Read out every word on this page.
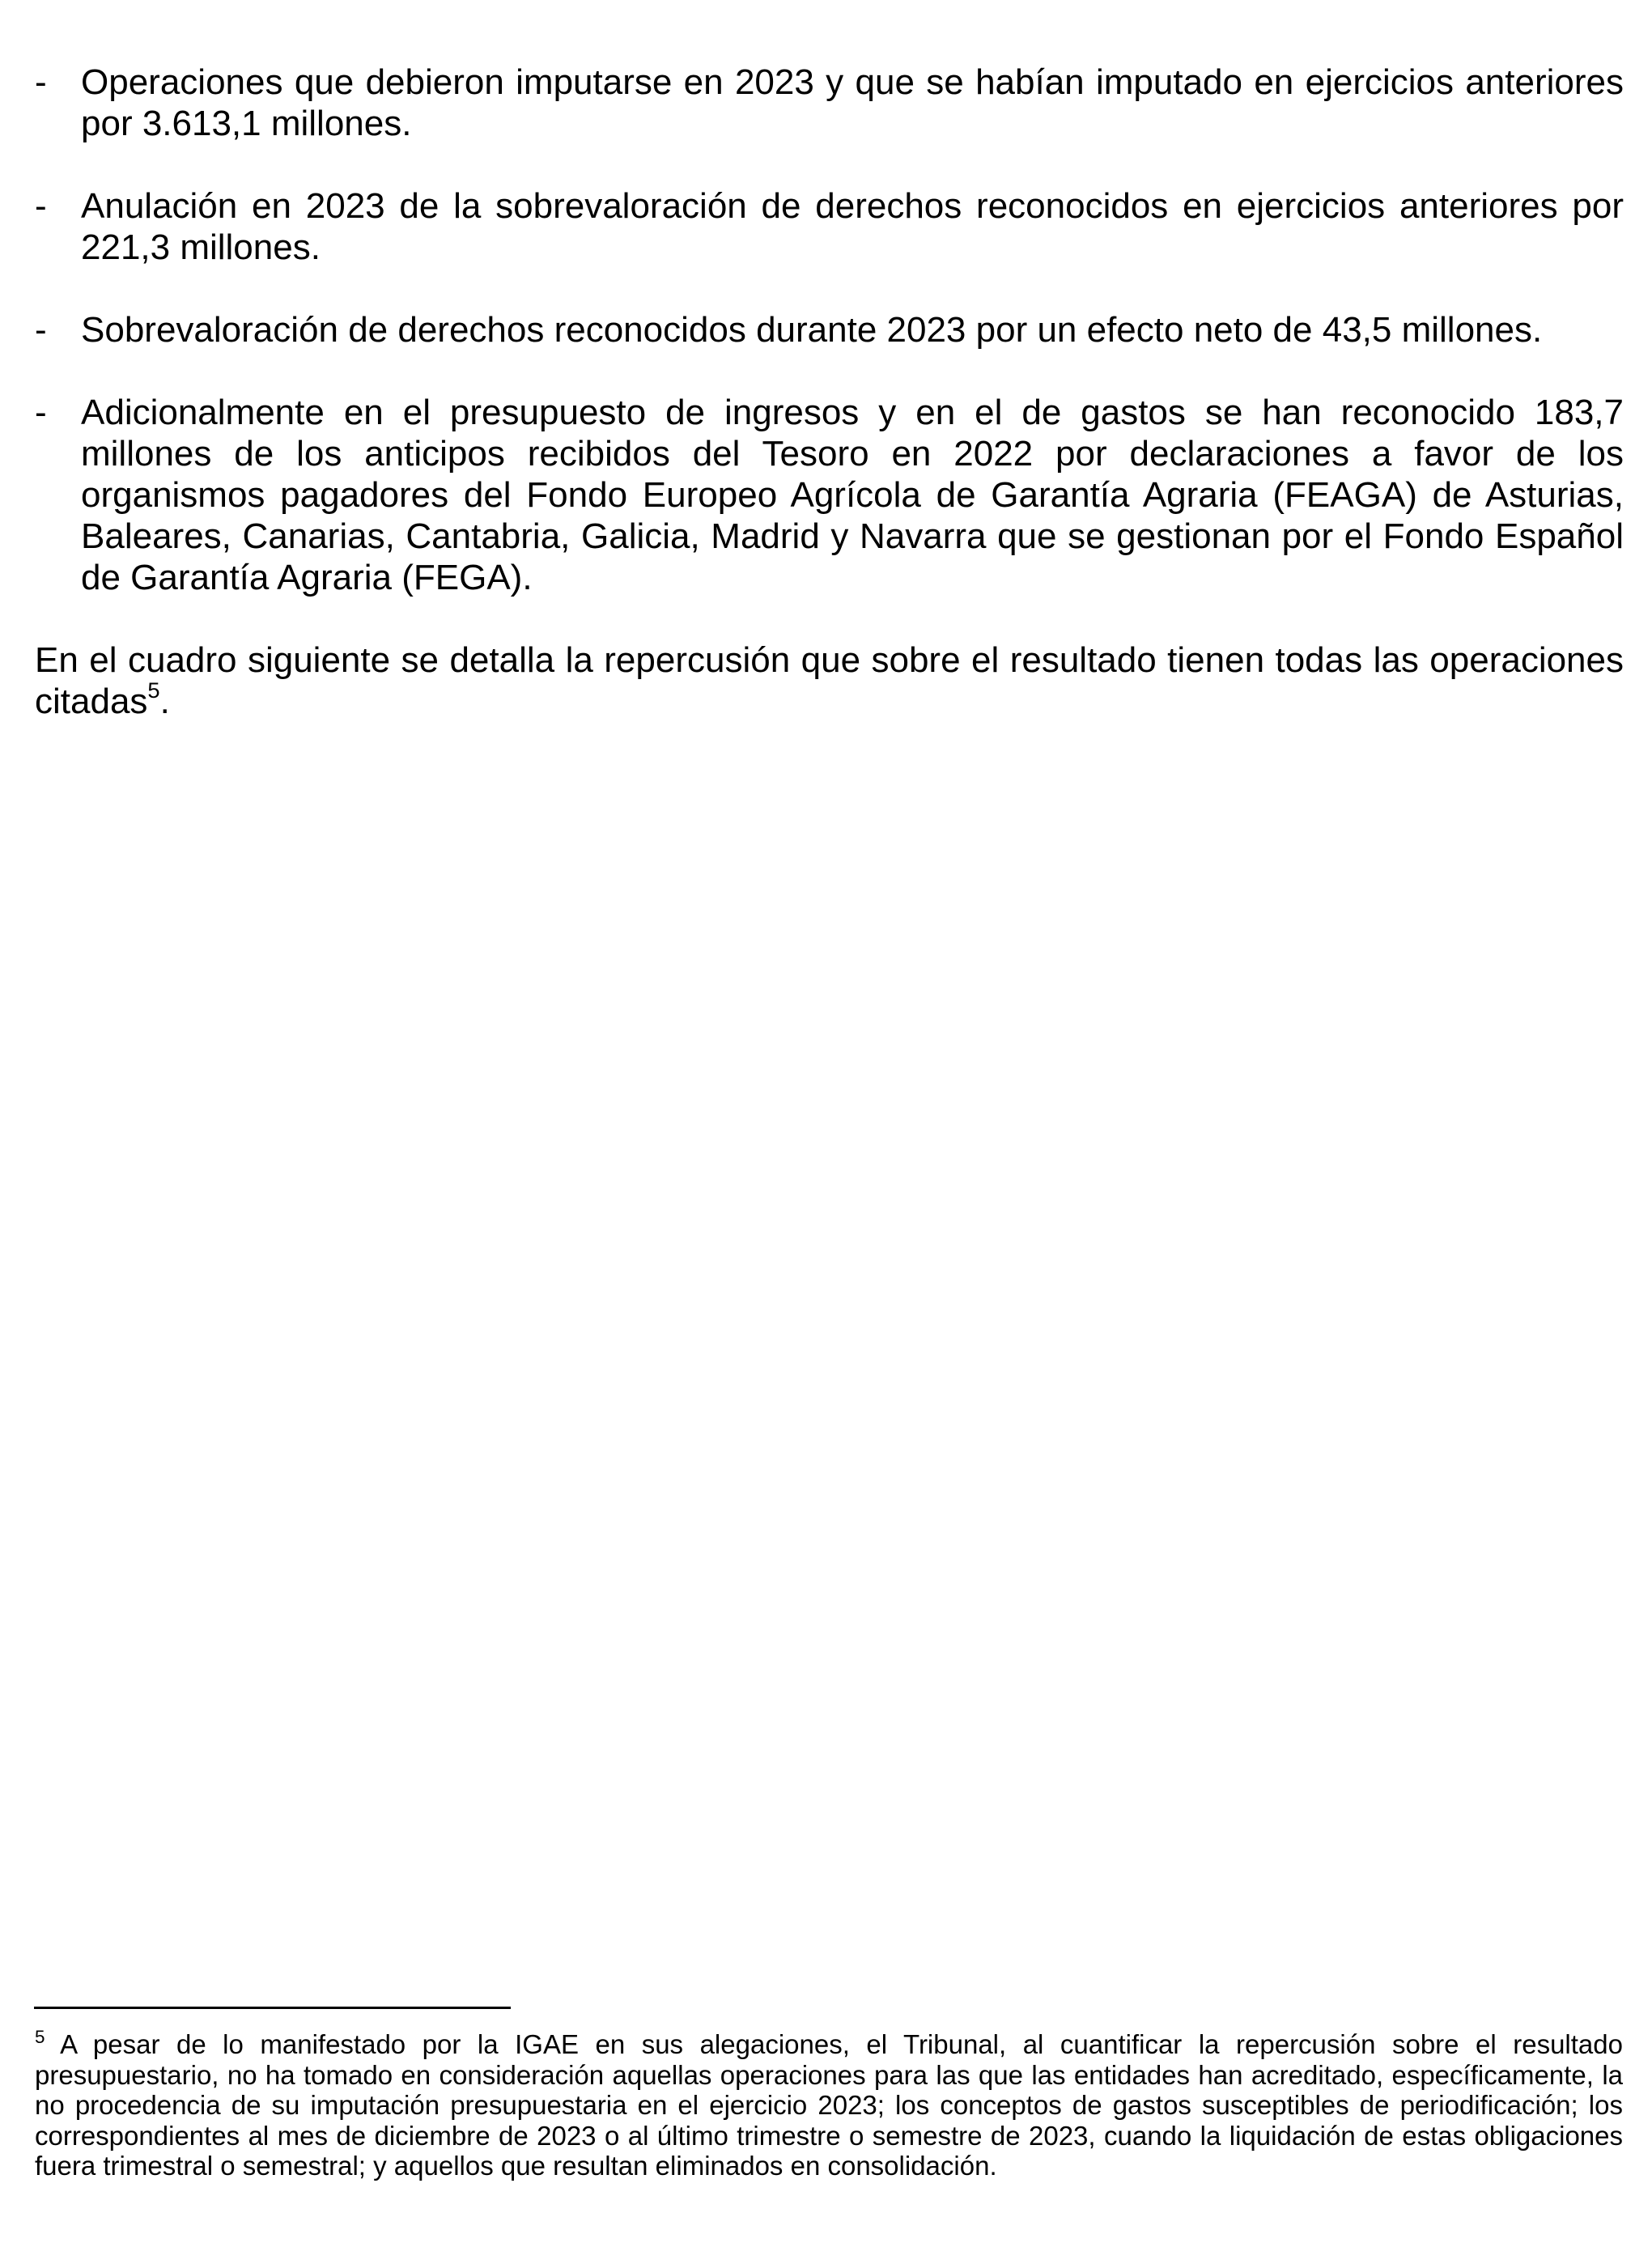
- Operaciones que debieron imputarse en 2023 y que se habían imputado en ejercicios anteriores por 3.613,1 millones.
- Anulación en 2023 de la sobrevaloración de derechos reconocidos en ejercicios anteriores por 221,3 millones.
- Sobrevaloración de derechos reconocidos durante 2023 por un efecto neto de 43,5 millones.
- Adicionalmente en el presupuesto de ingresos y en el de gastos se han reconocido 183,7 millones de los anticipos recibidos del Tesoro en 2022 por declaraciones a favor de los organismos pagadores del Fondo Europeo Agrícola de Garantía Agraria (FEAGA) de Asturias, Baleares, Canarias, Cantabria, Galicia, Madrid y Navarra que se gestionan por el Fondo Español de Garantía Agraria (FEGA).

En el cuadro siguiente se detalla la repercusión que sobre el resultado tienen todas las operaciones citadas$^5$.

$^5$ A pesar de lo manifestado por la IGAE en sus alegaciones, el Tribunal, al cuantificar la repercusión sobre el resultado presupuestario, no ha tomado en consideración aquellas operaciones para las que las entidades han acreditado, específicamente, la no procedencia de su imputación presupuestaria en el ejercicio 2023; los conceptos de gastos susceptibles de periodificación; los correspondientes al mes de diciembre de 2023 o al último trimestre o semestre de 2023, cuando la liquidación de estas obligaciones fuera trimestral o semestral; y aquellos que resultan eliminados en consolidación.
